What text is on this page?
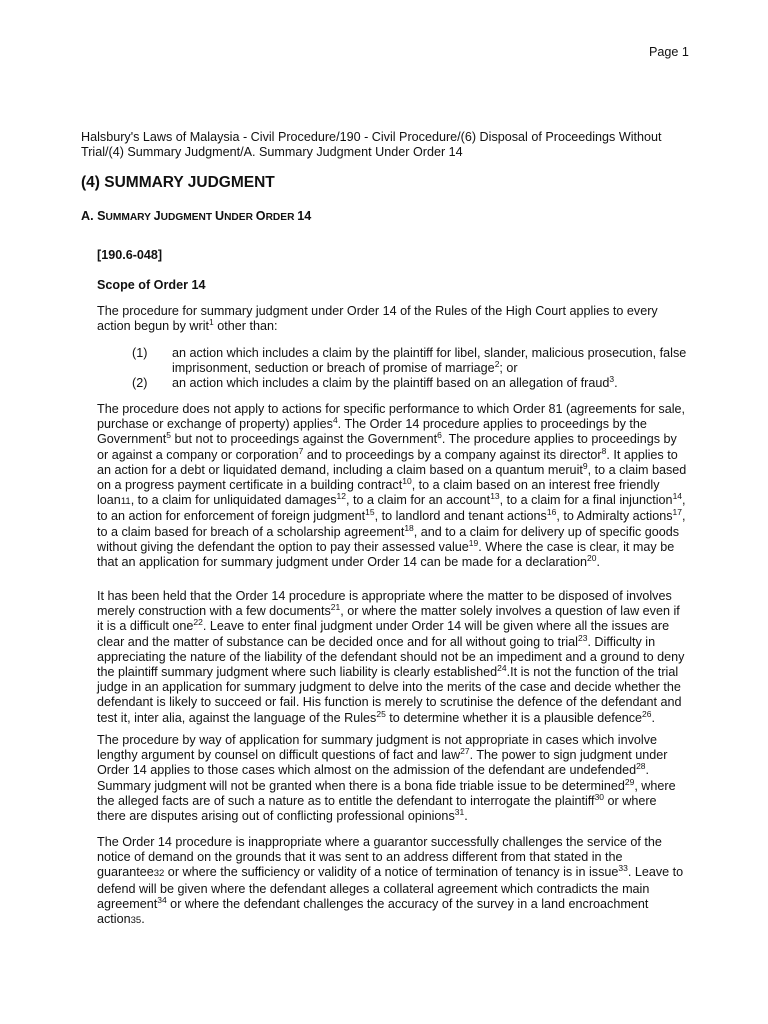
Page 1
Halsbury's Laws of Malaysia - Civil Procedure/190 - Civil Procedure/(6) Disposal of Proceedings Without Trial/(4) Summary Judgment/A. Summary Judgment Under Order 14
(4) SUMMARY JUDGMENT
A. SUMMARY JUDGMENT UNDER ORDER 14
[190.6-048]
Scope of Order 14

The procedure for summary judgment under Order 14 of the Rules of the High Court applies to every action begun by writ$^1$ other than:

(1)	an action which includes a claim by the plaintiff for libel, slander, malicious prosecution, false imprisonment, seduction or breach of promise of marriage$^2$; or
(2)	an action which includes a claim by the plaintiff based on an allegation of fraud$^3$.

The procedure does not apply to actions for specific performance to which Order 81 (agreements for sale, purchase or exchange of property) applies$^4$. The Order 14 procedure applies to proceedings by the Government$^5$ but not to proceedings against the Government$^6$. The procedure applies to proceedings by or against a company or corporation$^7$ and to proceedings by a company against its director$^8$. It applies to an action for a debt or liquidated demand, including a claim based on a quantum meruit$^9$, to a claim based on a progress payment certificate in a building contract$^{10}$, to a claim based on an interest free friendly loan11, to a claim for unliquidated damages$^{12}$, to a claim for an account$^{13}$, to a claim for a final injunction$^{14}$, to an action for enforcement of foreign judgment$^{15}$, to landlord and tenant actions$^{16}$, to Admiralty actions$^{17}$, to a claim based for breach of a scholarship agreement$^{18}$, and to a claim for delivery up of specific goods without giving the defendant the option to pay their assessed value$^{19}$. Where the case is clear, it may be that an application for summary judgment under Order 14 can be made for a declaration$^{20}$.

It has been held that the Order 14 procedure is appropriate where the matter to be disposed of involves merely construction with a few documents$^{21}$, or where the matter solely involves a question of law even if it is a difficult one$^{22}$. Leave to enter final judgment under Order 14 will be given where all the issues are clear and the matter of substance can be decided once and for all without going to trial$^{23}$. Difficulty in appreciating the nature of the liability of the defendant should not be an impediment and a ground to deny the plaintiff summary judgment where such liability is clearly established$^{24}$.It is not the function of the trial judge in an application for summary judgment to delve into the merits of the case and decide whether the defendant is likely to succeed or fail. His function is merely to scrutinise the defence of the defendant and test it, inter alia, against the language of the Rules$^{25}$ to determine whether it is a plausible defence$^{26}$.

The procedure by way of application for summary judgment is not appropriate in cases which involve lengthy argument by counsel on difficult questions of fact and law$^{27}$. The power to sign judgment under Order 14 applies to those cases which almost on the admission of the defendant are undefended$^{28}$. Summary judgment will not be granted when there is a bona fide triable issue to be determined$^{29}$, where the alleged facts are of such a nature as to entitle the defendant to interrogate the plaintiff$^{30}$ or where there are disputes arising out of conflicting professional opinions$^{31}$.

The Order 14 procedure is inappropriate where a guarantor successfully challenges the service of the notice of demand on the grounds that it was sent to an address different from that stated in the guarantee32 or where the sufficiency or validity of a notice of termination of tenancy is in issue$^{33}$. Leave to defend will be given where the defendant alleges a collateral agreement which contradicts the main agreement$^{34}$ or where the defendant challenges the accuracy of the survey in a land encroachment action35.
